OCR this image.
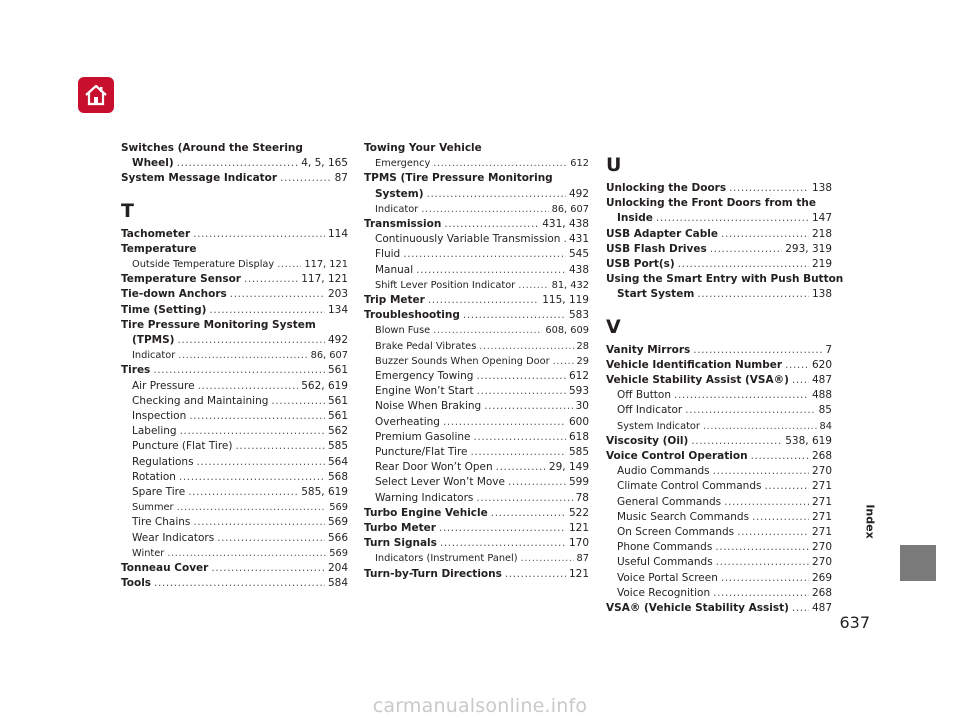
Index
Switches (Around the Steering
Wheel) .....	4, 5, 165
System Message Indicator .....	87
T
Tachometer .....	114
Temperature
Outside Temperature Display .....	117, 121
Temperature Sensor .....	117, 121
Tie-down Anchors .....	203
Time (Setting) .....	134
Tire Pressure Monitoring System
(TPMS) .....	492
Indicator .....	86, 607
Tires .....	561
Air Pressure .....	562, 619
Checking and Maintaining .....	561
Inspection .....	561
Labeling .....	562
Puncture (Flat Tire) .....	585
Regulations .....	564
Rotation .....	568
Spare Tire .....	585, 619
Summer .....	569
Tire Chains .....	569
Wear Indicators .....	566
Winter .....	569
Tonneau Cover .....	204
Tools .....	584
Towing Your Vehicle
Emergency .....	612
TPMS (Tire Pressure Monitoring
System) .....	492
Indicator .....	86, 607
Transmission .....	431, 438
Continuously Variable Transmission ..... 431
Fluid .....	545
Manual .....	438
Shift Lever Position Indicator .....	81, 432
Trip Meter .....	115, 119
Troubleshooting .....	583
Blown Fuse .....	608, 609
Brake Pedal Vibrates .....	28
Buzzer Sounds When Opening Door .....	29
Emergency Towing .....	612
Engine Won’t Start .....	593
Noise When Braking .....	30
Overheating .....	600
Premium Gasoline .....	618
Puncture/Flat Tire .....	585
Rear Door Won’t Open .....	29, 149
Select Lever Won’t Move .....	599
Warning Indicators .....	78
Turbo Engine Vehicle .....	522
Turbo Meter .....	121
Turn Signals .....	170
Indicators (Instrument Panel) .....	87
Turn-by-Turn Directions .....	121
U
Unlocking the Doors .....	138
Unlocking the Front Doors from the
Inside .....	147
USB Adapter Cable .....	218
USB Flash Drives .....	293, 319
USB Port(s) .....	219
Using the Smart Entry with Push Button
Start System .....	138
V
Vanity Mirrors .....	7
Vehicle Identification Number .....	620
Vehicle Stability Assist (VSA®) ..... 487
Off Button .....	488
Off Indicator .....	85
System Indicator .....	84
Viscosity (Oil) .....	538, 619
Voice Control Operation .....	268
Audio Commands .....	270
Climate Control Commands .....	271
General Commands .....	271
Music Search Commands .....	271
On Screen Commands .....	271
Phone Commands .....	270
Useful Commands .....	270
Voice Portal Screen .....	269
Voice Recognition .....	268
VSA® (Vehicle Stability Assist) ..... 487
637
carmanualsonline.info
